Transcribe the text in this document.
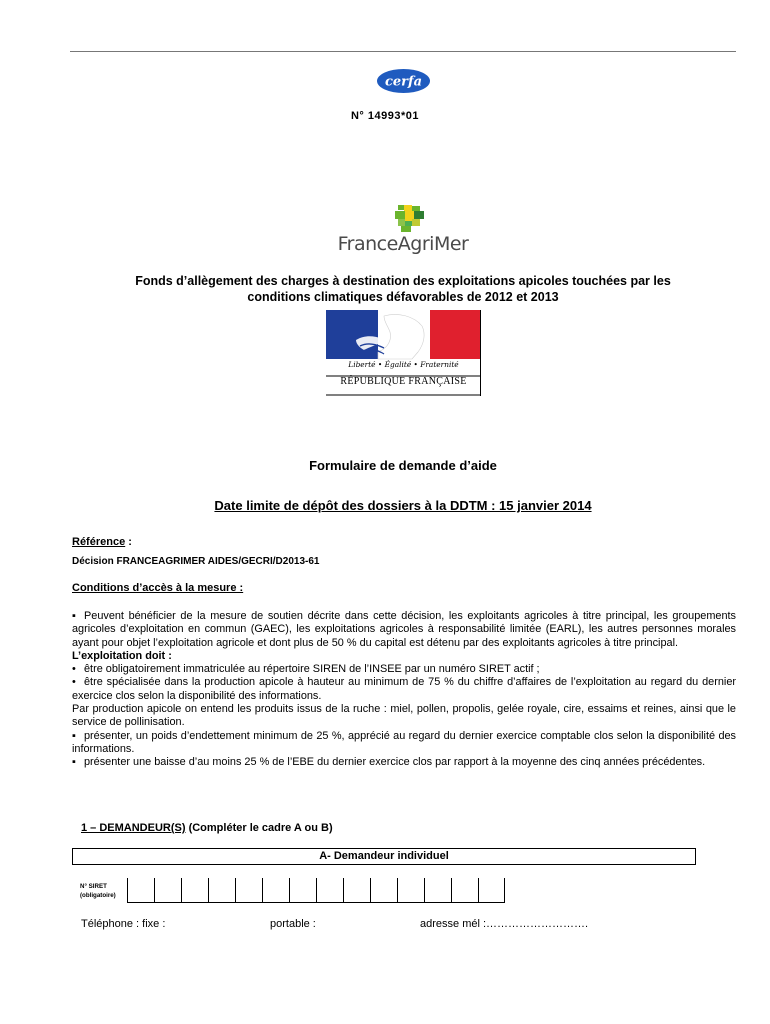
cerfa
N° 14993*01
FranceAgriMer
Fonds d’allègement des charges à destination des exploitations apicoles touchées par les
conditions climatiques défavorables de 2012 et 2013
Liberté • Égalité • Fraternité
RÉPUBLIQUE FRANÇAISE
Formulaire de demande d’aide
Date limite de dépôt des dossiers à la DDTM : 15 janvier 2014
Référence :
Décision FRANCEAGRIMER AIDES/GECRI/D2013-61
Conditions d’accès à la mesure :

▪ Peuvent bénéficier de la mesure de soutien décrite dans cette décision, les exploitants agricoles à titre principal, les groupements agricoles d’exploitation en commun (GAEC), les exploitations agricoles à responsabilité limitée (EARL), les autres personnes morales ayant pour objet l’exploitation agricole et dont plus de 50 % du capital est détenu par des exploitants agricoles à titre principal.

L’exploitation doit :

• être obligatoirement immatriculée au répertoire SIREN de l’INSEE par un numéro SIRET actif ;

• être spécialisée dans la production apicole à hauteur au minimum de 75 % du chiffre d’affaires de l’exploitation au regard du dernier exercice clos selon la disponibilité des informations.

Par production apicole on entend les produits issus de la ruche : miel, pollen, propolis, gelée royale, cire, essaims et reines, ainsi que le service de pollinisation.

▪ présenter, un poids d’endettement minimum de 25 %, apprécié au regard du dernier exercice comptable clos selon la disponibilité des informations.

▪ présenter une baisse d’au moins 25 % de l’EBE du dernier exercice clos par rapport à la moyenne des cinq années précédentes.

1 – DEMANDEUR(S) (Compléter le cadre A ou B)
A- Demandeur individuel
N° SIRET
(obligatoire)
Téléphone : fixe :	portable :	adresse mél :……………………….
